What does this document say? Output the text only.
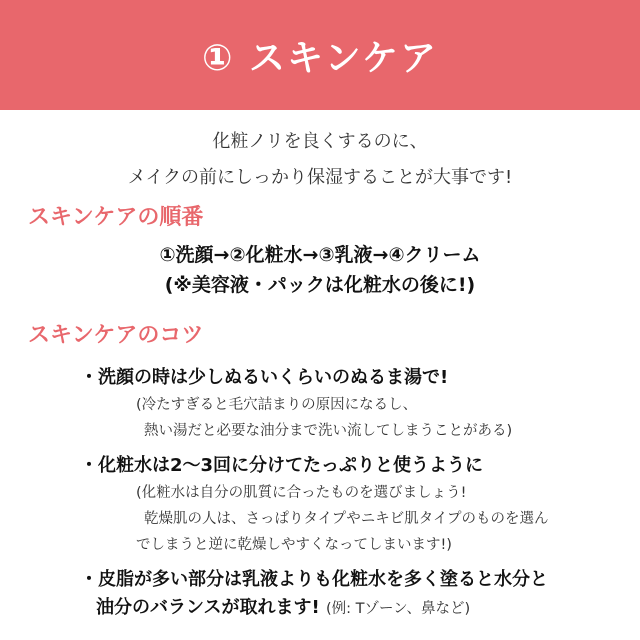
① スキンケア
化粧ノリを良くするのに、
メイクの前にしっかり保湿することが大事です!
スキンケアの順番
①洗顔→②化粧水→③乳液→④クリーム
(※美容液・パックは化粧水の後に!)
スキンケアのコツ
・洗顔の時は少しぬるいくらいのぬるま湯で!
(冷たすぎると毛穴詰まりの原因になるし、
熱い湯だと必要な油分まで洗い流してしまうことがある)
・化粧水は2〜3回に分けてたっぷりと使うように
(化粧水は自分の肌質に合ったものを選びましょう!
乾燥肌の人は、さっぱりタイプやニキビ肌タイプのものを選ん
でしまうと逆に乾燥しやすくなってしまいます!)
・皮脂が多い部分は乳液よりも化粧水を多く塗ると水分と
油分のバランスが取れます! (例: Tゾーン、鼻など)
